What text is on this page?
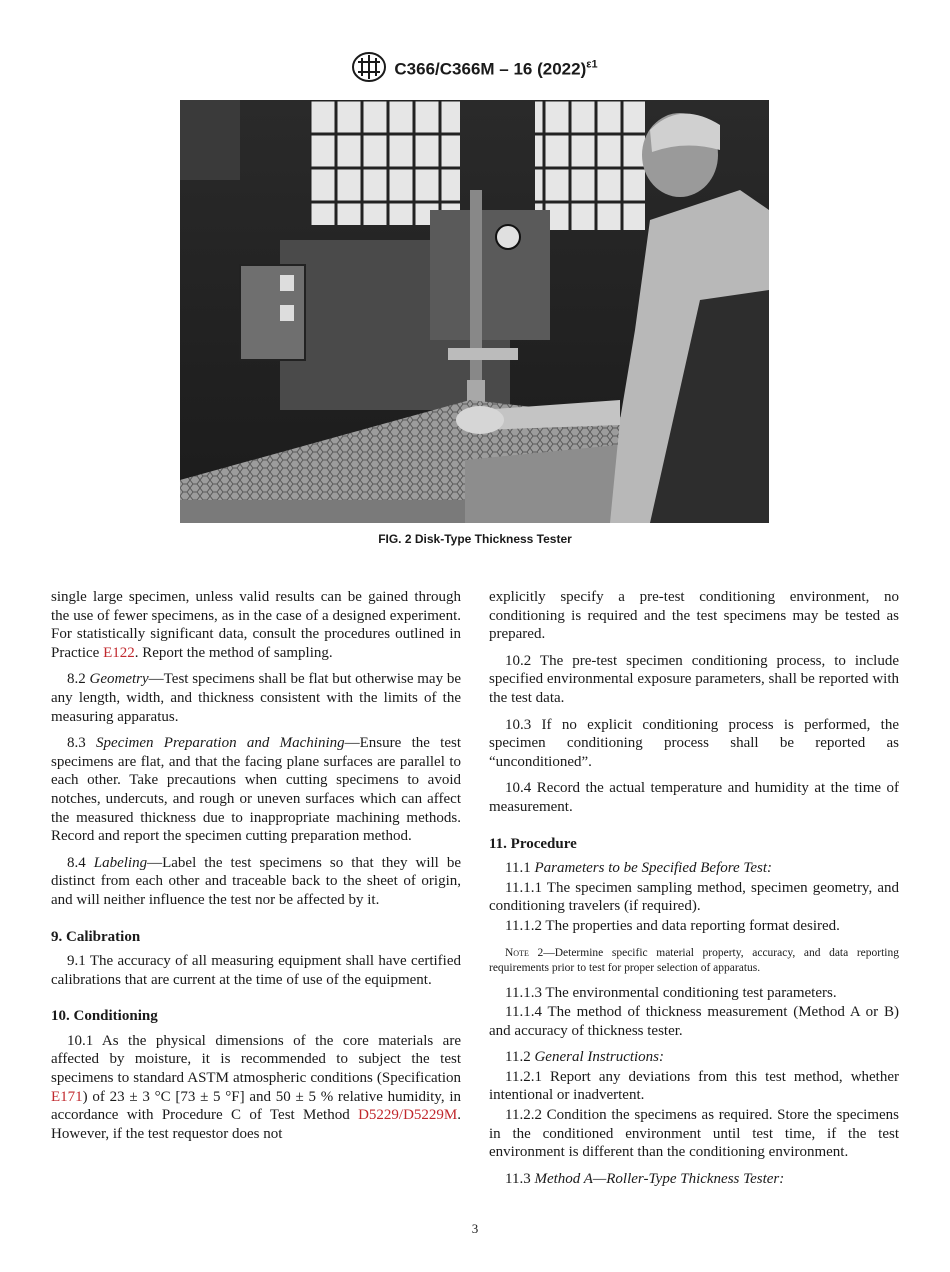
C366/C366M – 16 $(2022)^{\varepsilon 1}$
FIG. 2 Disk-Type Thickness Tester

single large specimen, unless valid results can be gained through the use of fewer specimens, as in the case of a designed experiment. For statistically significant data, consult the procedures outlined in Practice E122. Report the method of sampling.

8.2 Geometry—Test specimens shall be flat but otherwise may be any length, width, and thickness consistent with the limits of the measuring apparatus.

8.3 Specimen Preparation and Machining—Ensure the test specimens are flat, and that the facing plane surfaces are parallel to each other. Take precautions when cutting specimens to avoid notches, undercuts, and rough or uneven surfaces which can affect the measured thickness due to inappropriate machining methods. Record and report the specimen cutting preparation method.

8.4 Labeling—Label the test specimens so that they will be distinct from each other and traceable back to the sheet of origin, and will neither influence the test nor be affected by it.

9. Calibration

9.1 The accuracy of all measuring equipment shall have certified calibrations that are current at the time of use of the equipment.

10. Conditioning

10.1 As the physical dimensions of the core materials are affected by moisture, it is recommended to subject the test specimens to standard ASTM atmospheric conditions (Specification E171) of 23 ± 3 °C [73 ± 5 °F] and 50 ± 5 % relative humidity, in accordance with Procedure C of Test Method D5229/D5229M. However, if the test requestor does not

explicitly specify a pre-test conditioning environment, no conditioning is required and the test specimens may be tested as prepared.

10.2 The pre-test specimen conditioning process, to include specified environmental exposure parameters, shall be reported with the test data.

10.3 If no explicit conditioning process is performed, the specimen conditioning process shall be reported as “unconditioned”.

10.4 Record the actual temperature and humidity at the time of measurement.

11. Procedure

11.1 Parameters to be Specified Before Test:

11.1.1 The specimen sampling method, specimen geometry, and conditioning travelers (if required).

11.1.2 The properties and data reporting format desired.

Note 2—Determine specific material property, accuracy, and data reporting requirements prior to test for proper selection of apparatus.

11.1.3 The environmental conditioning test parameters.

11.1.4 The method of thickness measurement (Method A or B) and accuracy of thickness tester.

11.2 General Instructions:

11.2.1 Report any deviations from this test method, whether intentional or inadvertent.

11.2.2 Condition the specimens as required. Store the specimens in the conditioned environment until test time, if the test environment is different than the conditioning environment.

11.3 Method A—Roller-Type Thickness Tester:

3
